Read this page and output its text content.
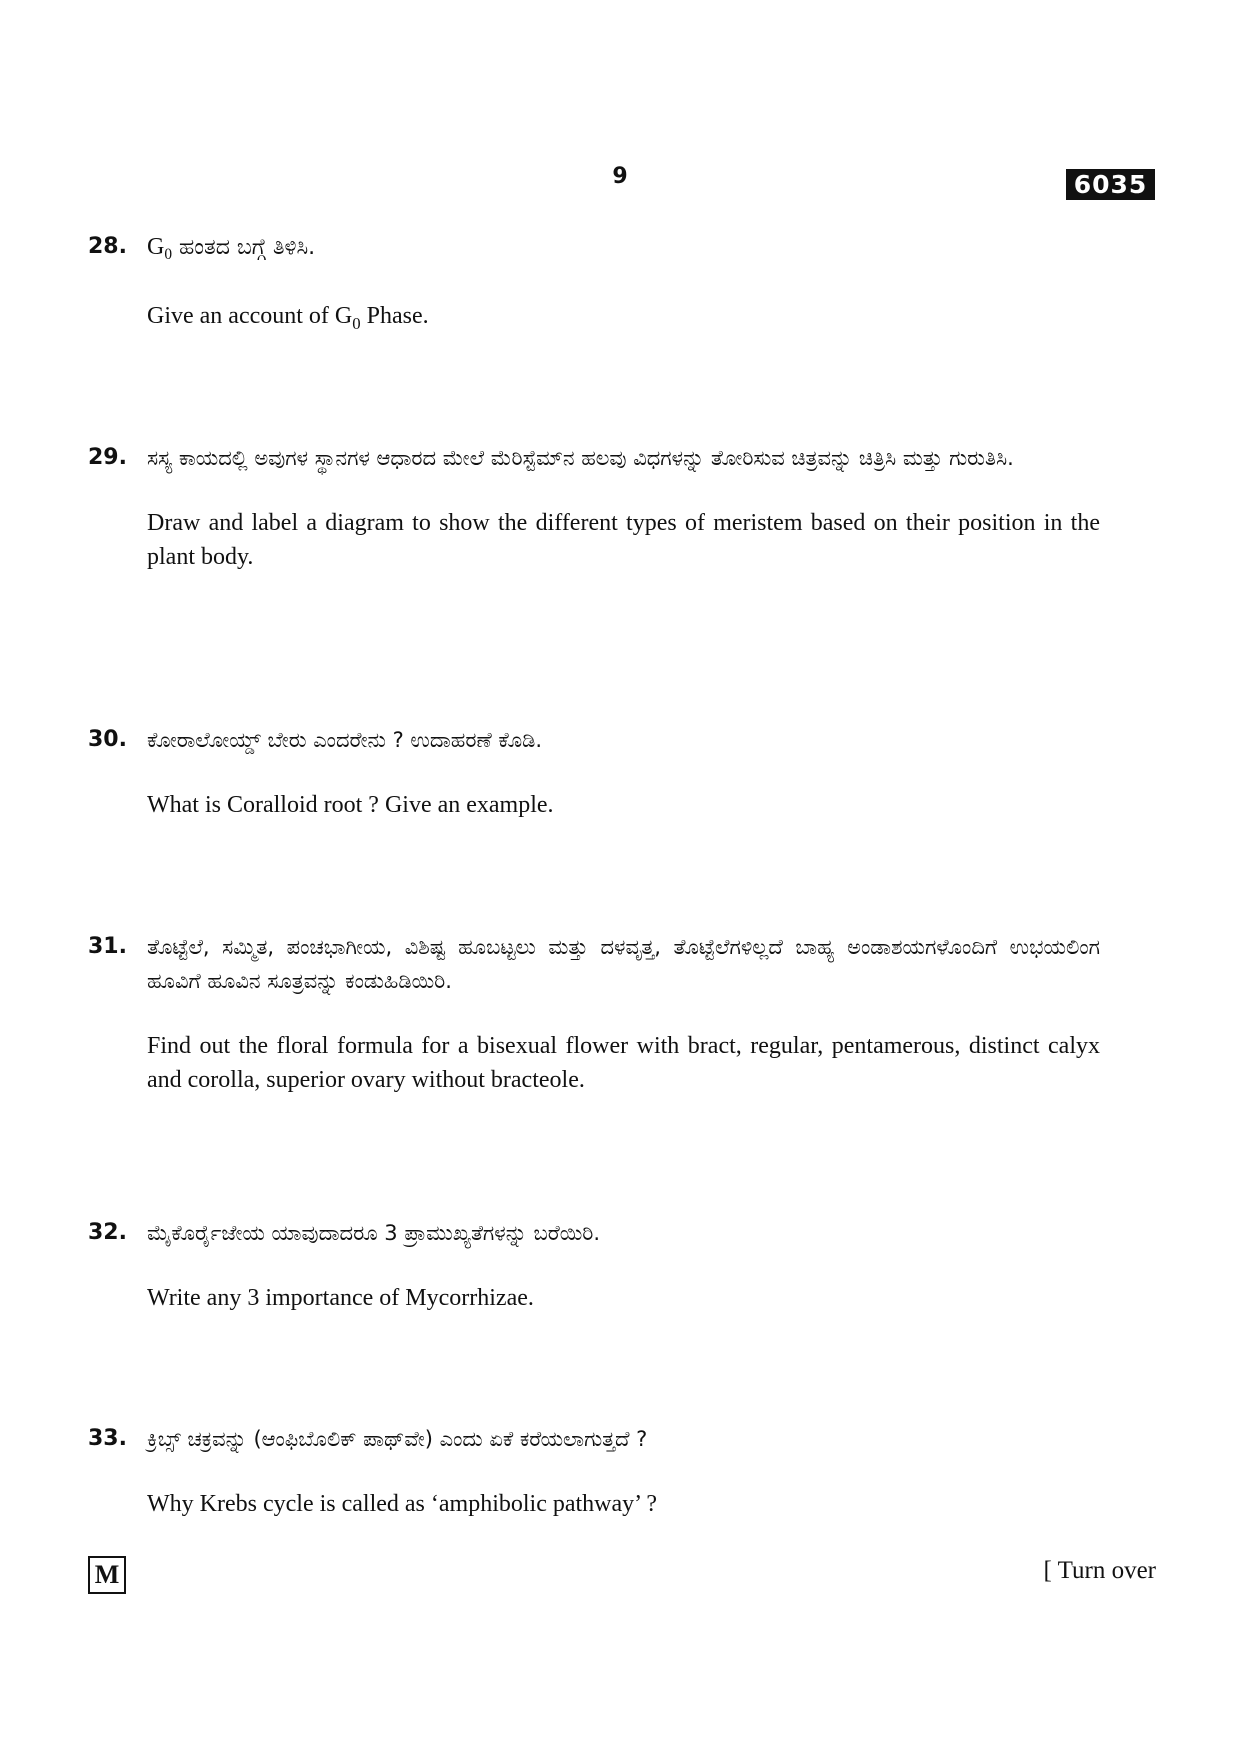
9	6035
28. $G_0$ ಹಂತದ ಬಗ್ಗೆ ತಿಳಿಸಿ.
Give an account of $G_0$ Phase.
29. ಸಸ್ಯ ಕಾಯದಲ್ಲಿ ಅವುಗಳ ಸ್ಥಾನಗಳ ಆಧಾರದ ಮೇಲೆ ಮೆರಿಸ್ಟೆಮ್‌ನ ಹಲವು ವಿಧಗಳನ್ನು ತೋರಿಸುವ ಚಿತ್ರವನ್ನು ಚಿತ್ರಿಸಿ ಮತ್ತು ಗುರುತಿಸಿ.
Draw and label a diagram to show the different types of meristem based on their position in the plant body.
30. ಕೋರಾಲೋಯ್ಡ್ ಬೇರು ಎಂದರೇನು ? ಉದಾಹರಣೆ ಕೊಡಿ.
What is Coralloid root ? Give an example.
31. ತೊಟ್ಟೆಲೆ, ಸಮ್ಮಿತ, ಪಂಚಭಾಗೀಯ, ವಿಶಿಷ್ಟ ಹೂಬಟ್ಟಲು ಮತ್ತು ದಳವೃತ್ತ, ತೊಟ್ಟೆಲೆಗಳಿಲ್ಲದೆ ಬಾಹ್ಯ ಅಂಡಾಶಯಗಳೊಂದಿಗೆ ಉಭಯಲಿಂಗ ಹೂವಿಗೆ ಹೂವಿನ ಸೂತ್ರವನ್ನು ಕಂಡುಹಿಡಿಯಿರಿ.
Find out the floral formula for a bisexual flower with bract, regular, pentamerous, distinct calyx and corolla, superior ovary without bracteole.
32. ಮೈಕೊರ್ರೈಜೇಯ ಯಾವುದಾದರೂ 3 ಪ್ರಾಮುಖ್ಯತೆಗಳನ್ನು ಬರೆಯಿರಿ.
Write any 3 importance of Mycorrhizae.
33. ಕ್ರಿಬ್ಸ್ ಚಕ್ರವನ್ನು (ಆಂಫಿಬೊಲಿಕ್ ಪಾಥ್‌ವೇ) ಎಂದು ಏಕೆ ಕರೆಯಲಾಗುತ್ತದೆ ?
Why Krebs cycle is called as ‘amphibolic pathway’ ?
M	[ Turn over
